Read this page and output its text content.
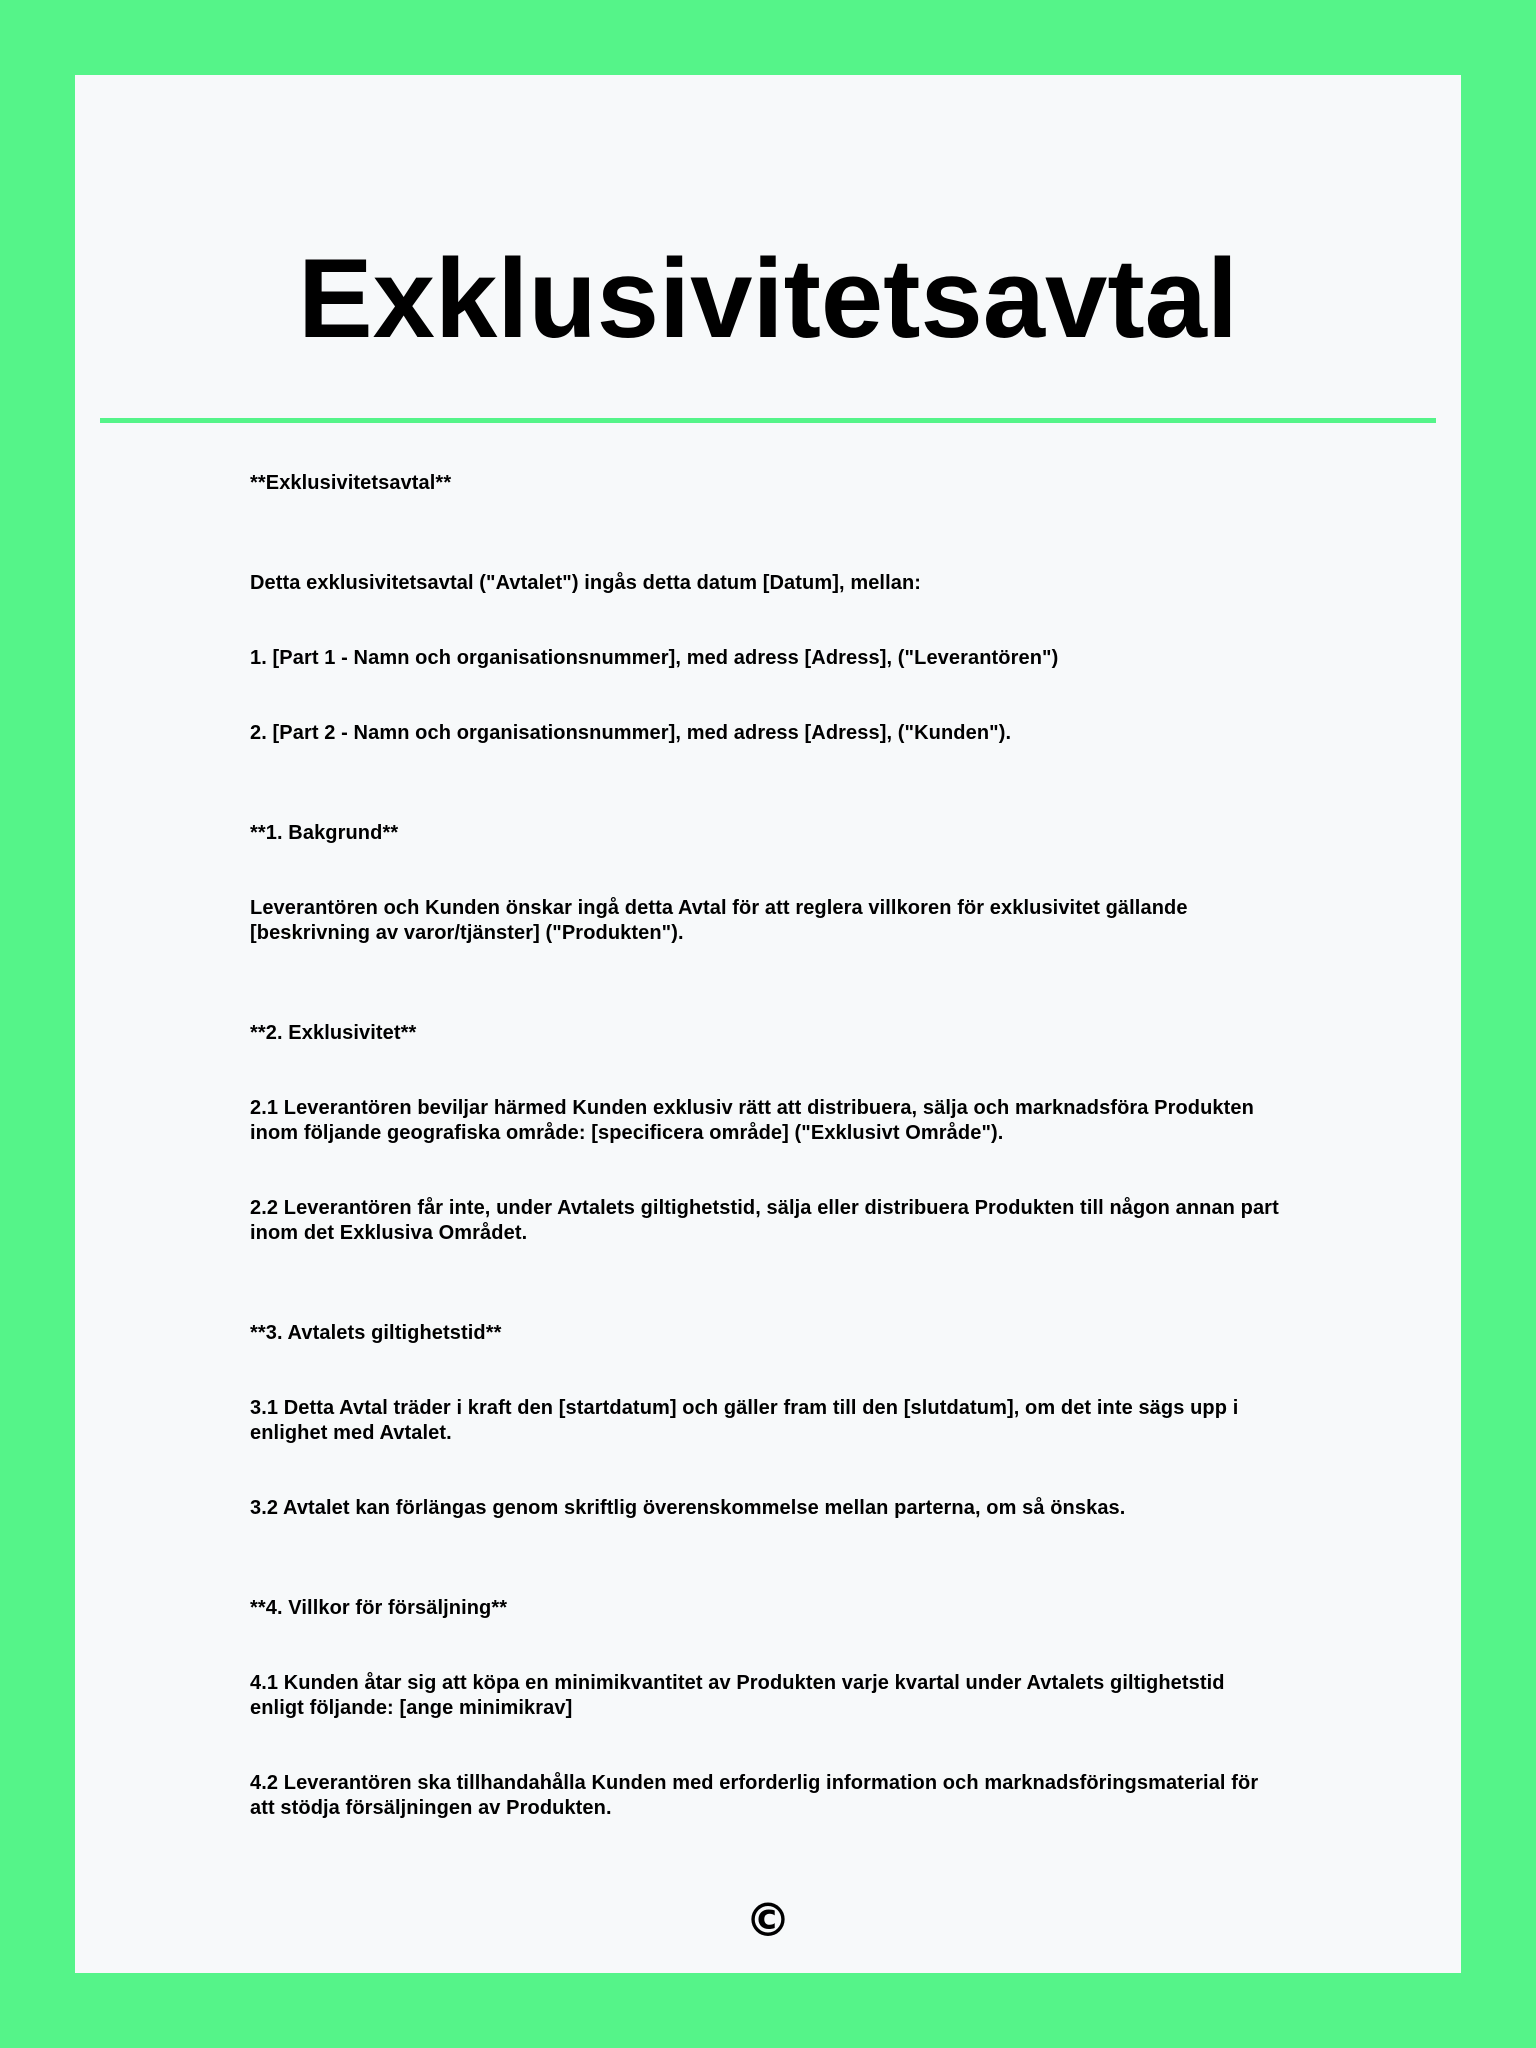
Exklusivitetsavtal

**Exklusivitetsavtal**

Detta exklusivitetsavtal ("Avtalet") ingås detta datum [Datum], mellan:

1. [Part 1 - Namn och organisationsnummer], med adress [Adress], ("Leverantören")

2. [Part 2 - Namn och organisationsnummer], med adress [Adress], ("Kunden").

**1. Bakgrund**

Leverantören och Kunden önskar ingå detta Avtal för att reglera villkoren för exklusivitet gällande

[beskrivning av varor/tjänster] ("Produkten").

**2. Exklusivitet**

2.1 Leverantören beviljar härmed Kunden exklusiv rätt att distribuera, sälja och marknadsföra Produkten

inom följande geografiska område: [specificera område] ("Exklusivt Område").

2.2 Leverantören får inte, under Avtalets giltighetstid, sälja eller distribuera Produkten till någon annan part

inom det Exklusiva Området.

**3. Avtalets giltighetstid**

3.1 Detta Avtal träder i kraft den [startdatum] och gäller fram till den [slutdatum], om det inte sägs upp i

enlighet med Avtalet.

3.2 Avtalet kan förlängas genom skriftlig överenskommelse mellan parterna, om så önskas.

**4. Villkor för försäljning**

4.1 Kunden åtar sig att köpa en minimikvantitet av Produkten varje kvartal under Avtalets giltighetstid

enligt följande: [ange minimikrav]

4.2 Leverantören ska tillhandahålla Kunden med erforderlig information och marknadsföringsmaterial för

att stödja försäljningen av Produkten.

©
